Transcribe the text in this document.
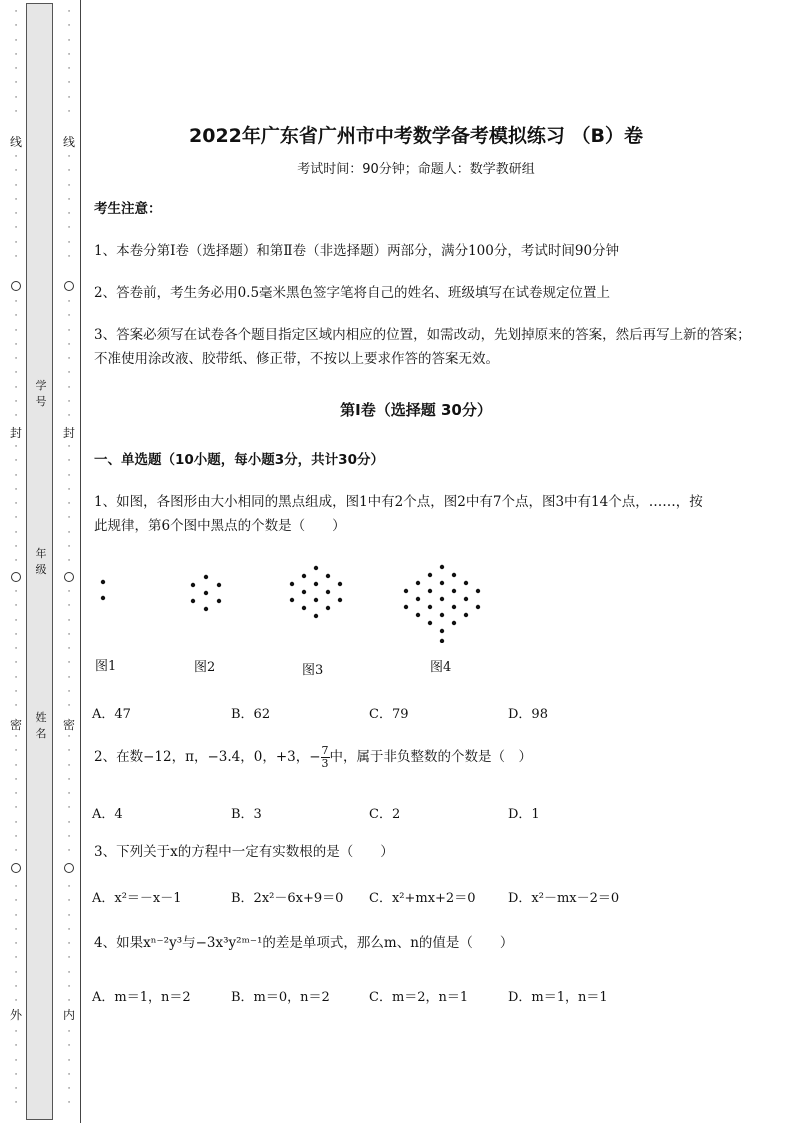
·
·
·
·
·
·
·
·
·
·
·
·
·
·
·
·
·
·
·
·
·
·
·
·
·
·
·
·
·
·
·
·
·
·
·
·
·
·
·
·
·
·
·
·
·
·
·
·
·
·
·
·
·
·
·
·
·
·
·
·
·
·
·
·
·
·
·
·
·
·
·
·
·
·
·
·
·
·
·
·
·
·
·
·
·
·
·
·
·
·
·
·
·
·
·
·
·
·
·
·
·
·
·
·
·
·
·
·
·
·
·
·
·
·
·
·
·
·
·
·
·
·
·
·
·
·
·
·
·
·
·
·
·
·
线
封
密
外
线
封
密
内
学号
年级
姓名
2022年广东省广州市中考数学备考模拟练习 （B）卷
考试时间：90分钟；命题人：数学教研组
考生注意：
1、本卷分第Ⅰ卷（选择题）和第Ⅱ卷（非选择题）两部分，满分100分，考试时间90分钟
2、答卷前，考生务必用0.5毫米黑色签字笔将自己的姓名、班级填写在试卷规定位置上
3、答案必须写在试卷各个题目指定区域内相应的位置，如需改动，先划掉原来的答案，然后再写上新的答案；不准使用涂改液、胶带纸、修正带，不按以上要求作答的答案无效。
第Ⅰ卷（选择题 30分）
一、单选题（10小题，每小题3分，共计30分）
1、如图，各图形由大小相同的黑点组成，图1中有2个点，图2中有7个点，图3中有14个点，……，按此规律，第6个图中黑点的个数是（　　）
图1	图2	图3	图4
A．47	B．62	C．79	D．98
2、在数−12，π，−3.4，0，+3，− $\frac{7}{3}$ 中，属于非负整数的个数是（　）
A．4	B．3	C．2	D．1
3、下列关于x的方程中一定有实数根的是（　　）
A．x²＝－x－1	B．2x²－6x+9＝0 C．x²+mx+2＝0	D．x²－mx－2＝0
4、如果xⁿ⁻²y³与−3x³y²ᵐ⁻¹的差是单项式，那么m、n的值是（　　）
A．m＝1，n＝2	B．m＝0，n＝2	C．m＝2，n＝1	D．m＝1，n＝1
